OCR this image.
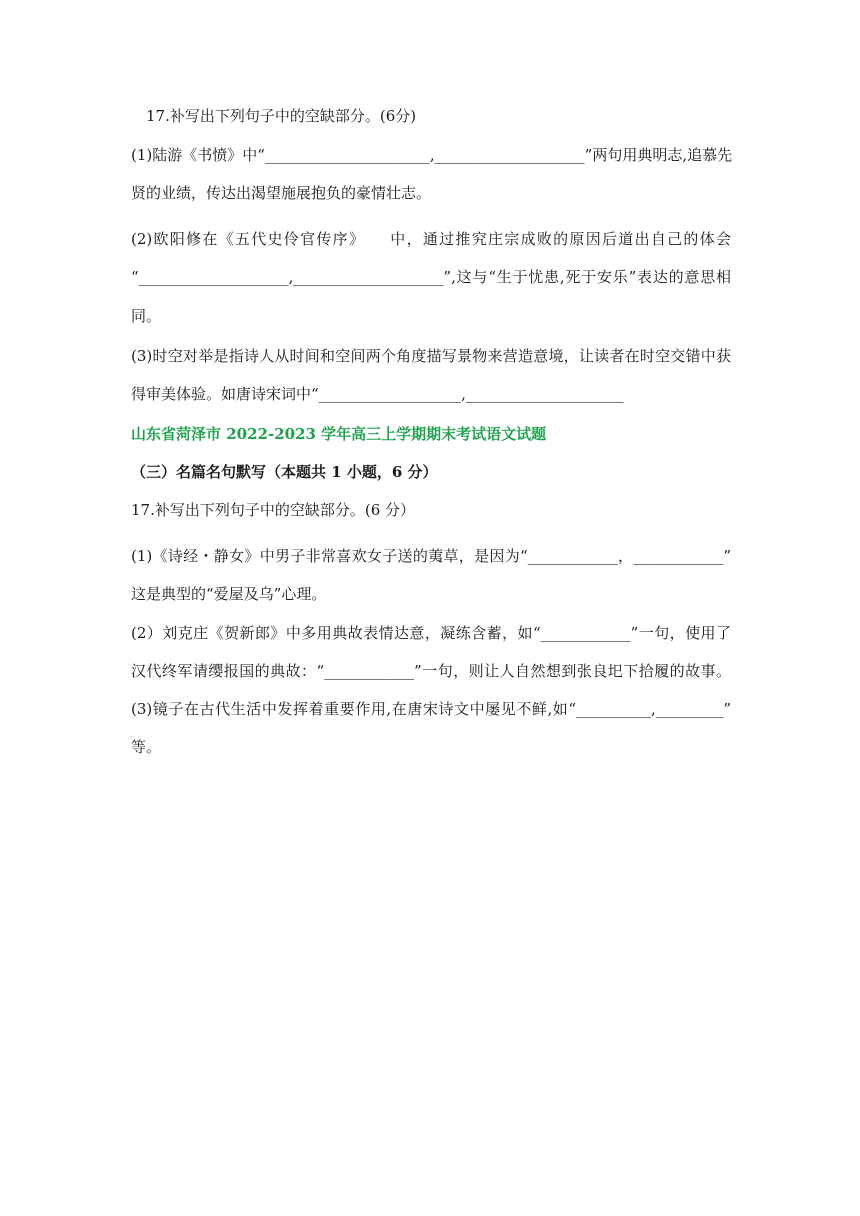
17.补写出下列句子中的空缺部分。(6分)
(1)陆游《书愤》中“______________________,____________________”两句用典明志,追慕先
贤的业绩，传达出渴望施展抱负的豪情壮志。
(2)欧阳修在《五代史伶官传序》　　中，通过推究庄宗成败的原因后道出自己的体会
“____________________,____________________”,这与“生于忧患,死于安乐”表达的意思相
同。
(3)时空对举是指诗人从时间和空间两个角度描写景物来营造意境，让读者在时空交错中获
得审美体验。如唐诗宋词中“___________________,_____________________
山东省菏泽市 2022-2023 学年高三上学期期末考试语文试题
（三）名篇名句默写（本题共 1 小题，6 分）
17.补写出下列句子中的空缺部分。(6 分）
(1)《诗经・静女》中男子非常喜欢女子送的荑草，是因为“____________，____________”
这是典型的“爱屋及乌”心理。
(2）刘克庄《贺新郎》中多用典故表情达意，凝练含蓄，如“____________”一句，使用了
汉代终军请缨报国的典故：“____________”一句，则让人自然想到张良圯下拾履的故事。
(3)镜子在古代生活中发挥着重要作用,在唐宋诗文中屡见不鲜,如“__________,_________”
等。
